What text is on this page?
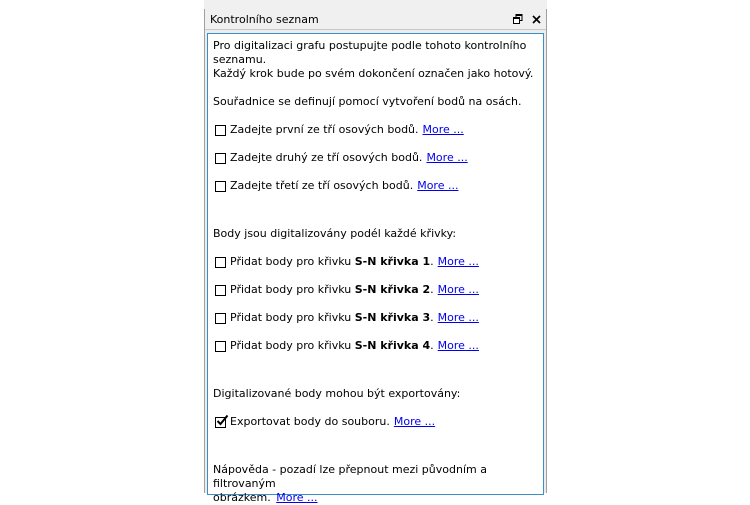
Kontrolního seznam

Pro digitalizaci grafu postupujte podle tohoto kontrolního seznamu.

Každý krok bude po svém dokončení označen jako hotový.

Souřadnice se definují pomocí vytvoření bodů na osách.

Zadejte první ze tří osových bodů. More ...
Zadejte druhý ze tří osových bodů. More ...
Zadejte třetí ze tří osových bodů. More ...

Body jsou digitalizovány podél každé křivky:

Přidat body pro křivku
S-N křivka 1 . More ...
Přidat body pro křivku
S-N křivka 2 . More ...
Přidat body pro křivku
S-N křivka 3 . More ...
Přidat body pro křivku
S-N křivka 4 . More ...

Digitalizované body mohou být exportovány:

Exportovat body do souboru. More ...

Nápověda - pozadí lze přepnout mezi původním a filtrovaným

obrázkem. More ...
